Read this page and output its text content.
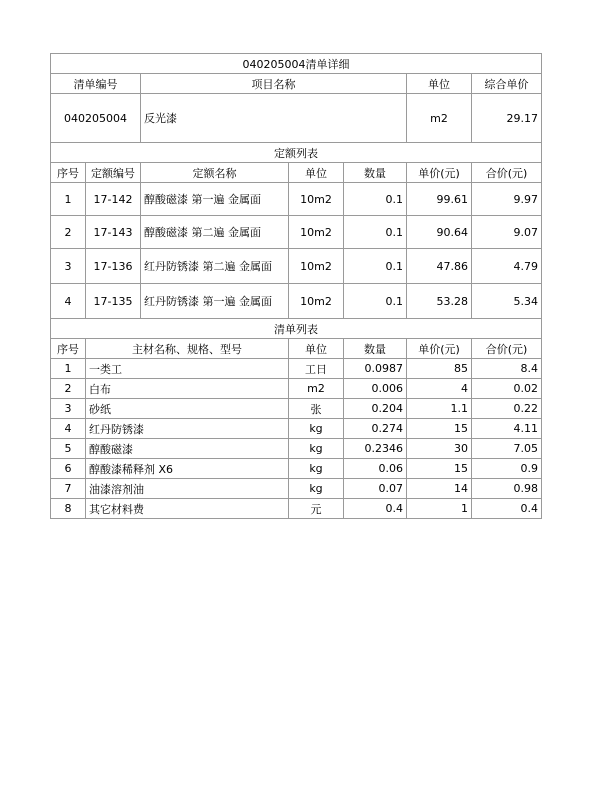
040205004清单详细						
清单编号		项目名称			单位	综合单价
040205004		反光漆			m2	29.17
定额列表						
序号	定额编号	定额名称	单位	数量	单价(元)	合价(元)
1	17-142	醇酸磁漆 第一遍 金属面	10m2	0.1	99.61	9.97
2	17-143	醇酸磁漆 第二遍 金属面	10m2	0.1	90.64	9.07
3	17-136	红丹防锈漆 第二遍 金属面	10m2	0.1	47.86	4.79
4	17-135	红丹防锈漆 第一遍 金属面	10m2	0.1	53.28	5.34
清单列表						
序号	主材名称、规格、型号		单位	数量	单价(元)	合价(元)
1	一类工		工日	0.0987	85	8.4
2	白布		m2	0.006	4	0.02
3	砂纸		张	0.204	1.1	0.22
4	红丹防锈漆		kg	0.274	15	4.11
5	醇酸磁漆		kg	0.2346	30	7.05
6	醇酸漆稀释剂 X6		kg	0.06	15	0.9
7	油漆溶剂油		kg	0.07	14	0.98
8	其它材料费		元	0.4	1	0.4
